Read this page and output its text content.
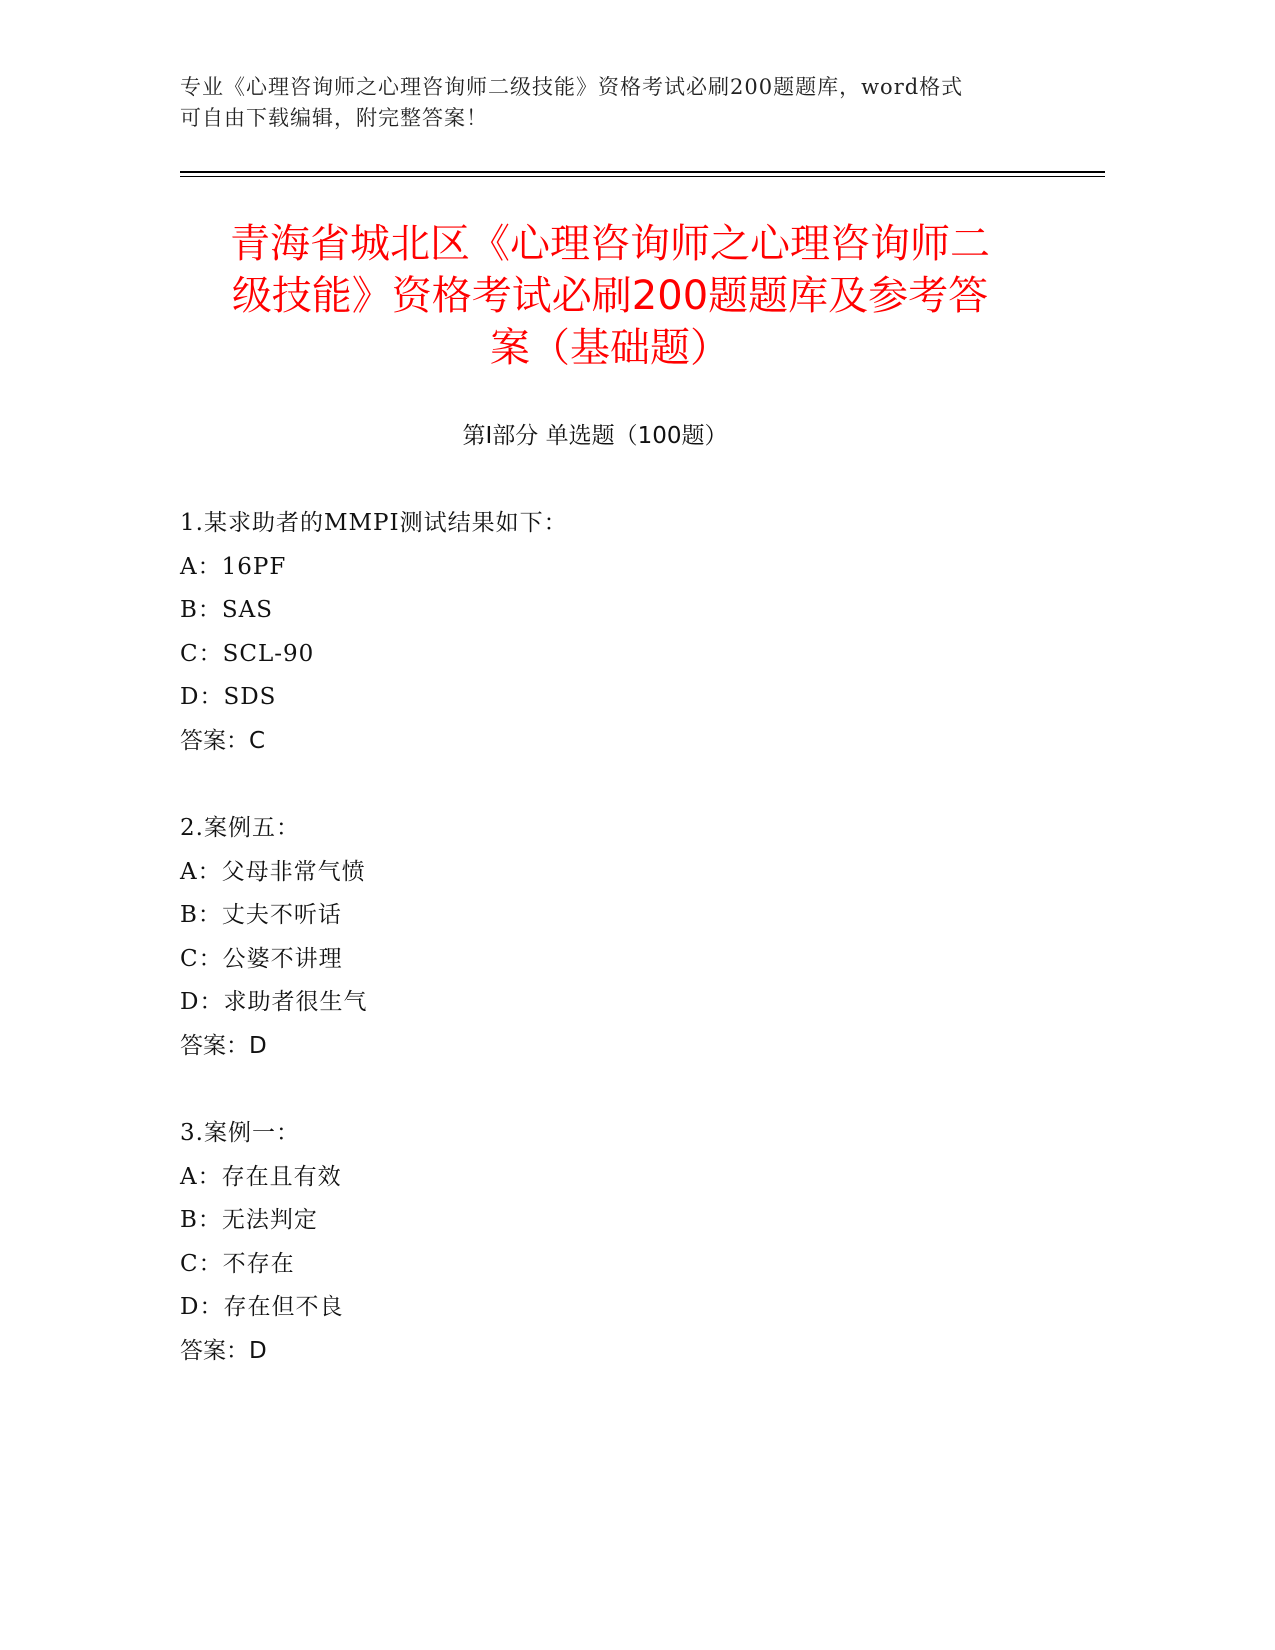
专业《心理咨询师之心理咨询师二级技能》资格考试必刷200题题库，word格式
可自由下载编辑，附完整答案！
青海省城北区《心理咨询师之心理咨询师二
级技能》资格考试必刷200题题库及参考答
案（基础题）
第Ⅰ部分 单选题（100题）
1.某求助者的MMPI测试结果如下：
A：16PF
B：SAS
C：SCL-90
D：SDS
答案：C
2.案例五：
A：父母非常气愤
B：丈夫不听话
C：公婆不讲理
D：求助者很生气
答案：D
3.案例一：
A：存在且有效
B：无法判定
C：不存在
D：存在但不良
答案：D
